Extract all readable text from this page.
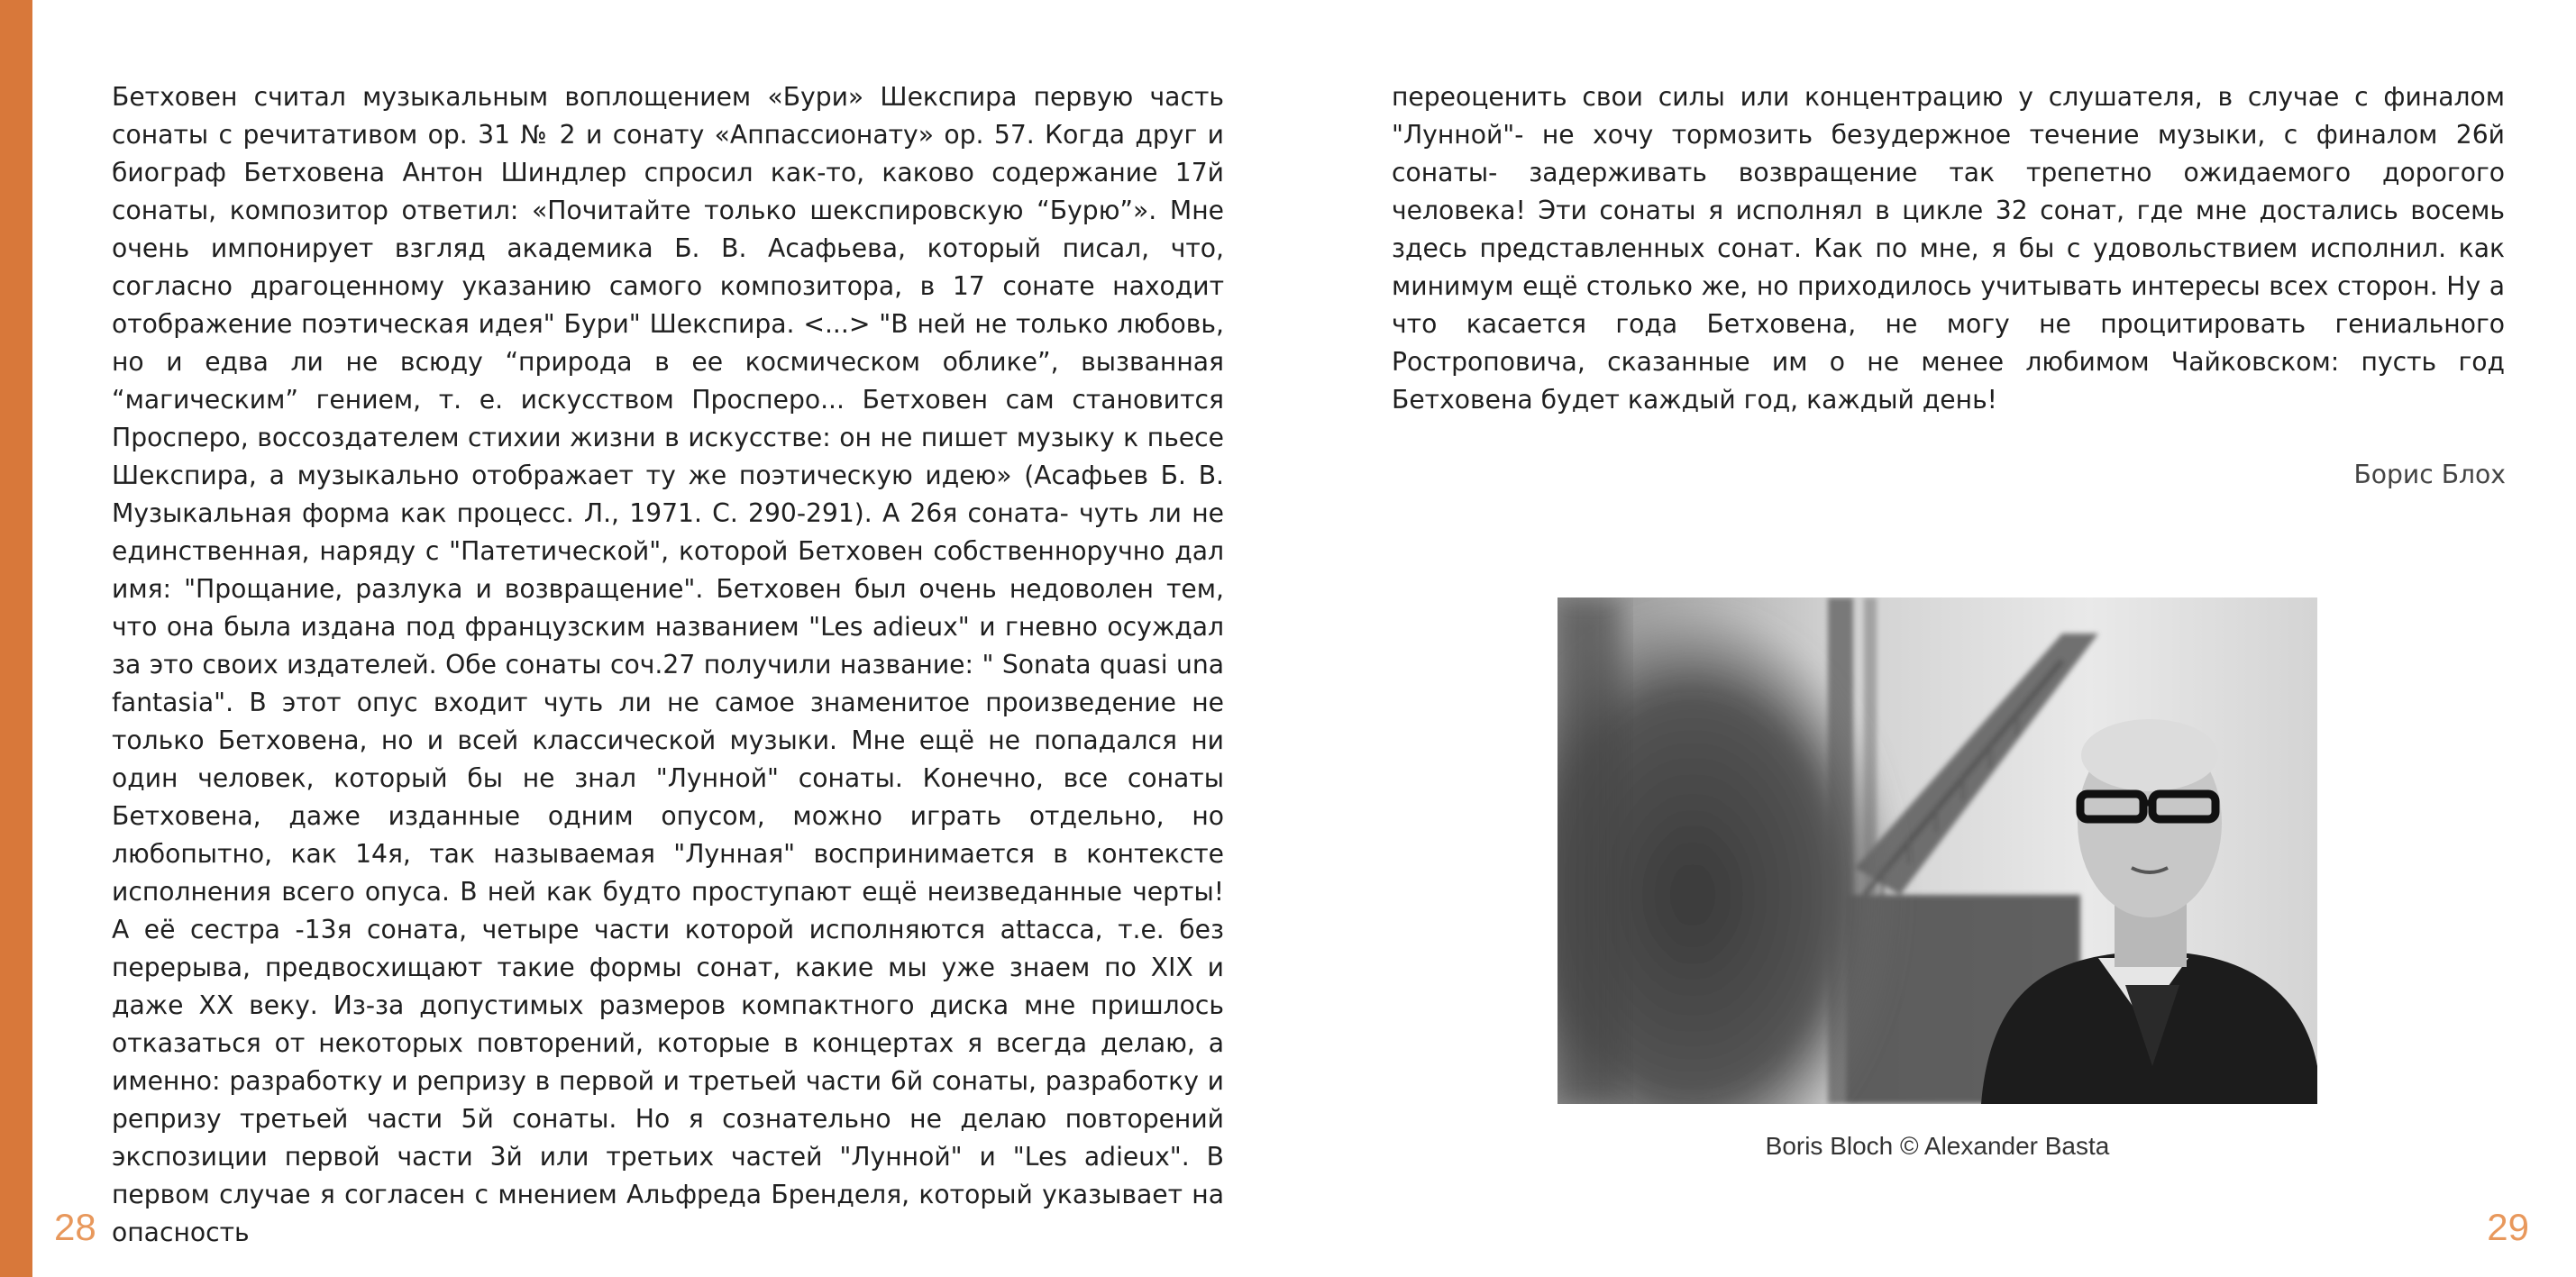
Бетховен считал музыкальным воплощением «Бури» Шекспира первую часть сонаты с речитативом ор. 31 № 2 и сонату «Аппассионату» ор. 57. Когда друг и биограф Бетховена Антон Шиндлер спросил как-то, каково содержание 17й сонаты, композитор ответил: «Почитайте только шекспировскую “Бурю”». Мне очень импонирует взгляд академика Б. В. Асафьева, который писал, что, согласно драгоценному указанию самого композитора, в 17 сонате находит отображение поэтическая идея" Бури" Шекспира. <...> "В ней не только любовь, но и едва ли не всюду “природа в ее космическом облике”, вызванная “магическим” гением, т. е. искусством Просперо... Бетховен сам становится Просперо, воссоздателем стихии жизни в искусстве: он не пишет музыку к пьесе Шекспира, а музыкально отображает ту же поэтическую идею» (Асафьев Б. В. Музыкальная форма как процесс. Л., 1971. С. 290-291). А 26я соната- чуть ли не единственная, наряду с "Патетической", которой Бетховен собственноручно дал имя: "Прощание, разлука и возвращение". Бетховен был очень недоволен тем, что она была издана под французским названием "Les adieux" и гневно осуждал за это своих издателей. Обе сонаты соч.27 получили название: " Sonata quasi una fantasia". В этот опус входит чуть ли не самое знаменитое произведение не только Бетховена, но и всей классической музыки. Мне ещё не попадался ни один человек, который бы не знал "Лунной" сонаты. Конечно, все сонаты Бетховена, даже изданные одним опусом, можно играть отдельно, но любопытно, как 14я, так называемая "Лунная" воспринимается в контексте исполнения всего опуса. В ней как будто проступают ещё неизведанные черты! А её сестра -13я соната, четыре части которой исполняются attacca, т.е. без перерыва, предвосхищают такие формы сонат, какие мы уже знаем по XIX и даже XX веку. Из-за допустимых размеров компактного диска мне пришлось отказаться от некоторых повторений, которые в концертах я всегда делаю, а именно: разработку и репризу в первой и третьей части 6й сонаты, разработку и репризу третьей части 5й сонаты. Но я сознательно не делаю повторений экспозиции первой части 3й или третьих частей "Лунной" и "Les adieux". В первом случае я согласен с мнением Альфреда Бренделя, который указывает на опасность
переоценить свои силы или концентрацию у слушателя, в случае с финалом "Лунной"- не хочу тормозить безудержное течение музыки, с финалом 26й сонаты- задерживать возвращение так трепетно ожидаемого дорогого человека! Эти сонаты я исполнял в цикле 32 сонат, где мне достались восемь здесь представленных сонат. Как по мне, я бы с удовольствием исполнил. как минимум ещё столько же, но приходилось учитывать интересы всех сторон. Ну а что касается года Бетховена, не могу не процитировать гениального Ростроповича, сказанные им о не менее любимом Чайковском: пусть год Бетховена будет каждый год, каждый день!
Борис Блох
Boris Bloch © Alexander Basta
28	29
